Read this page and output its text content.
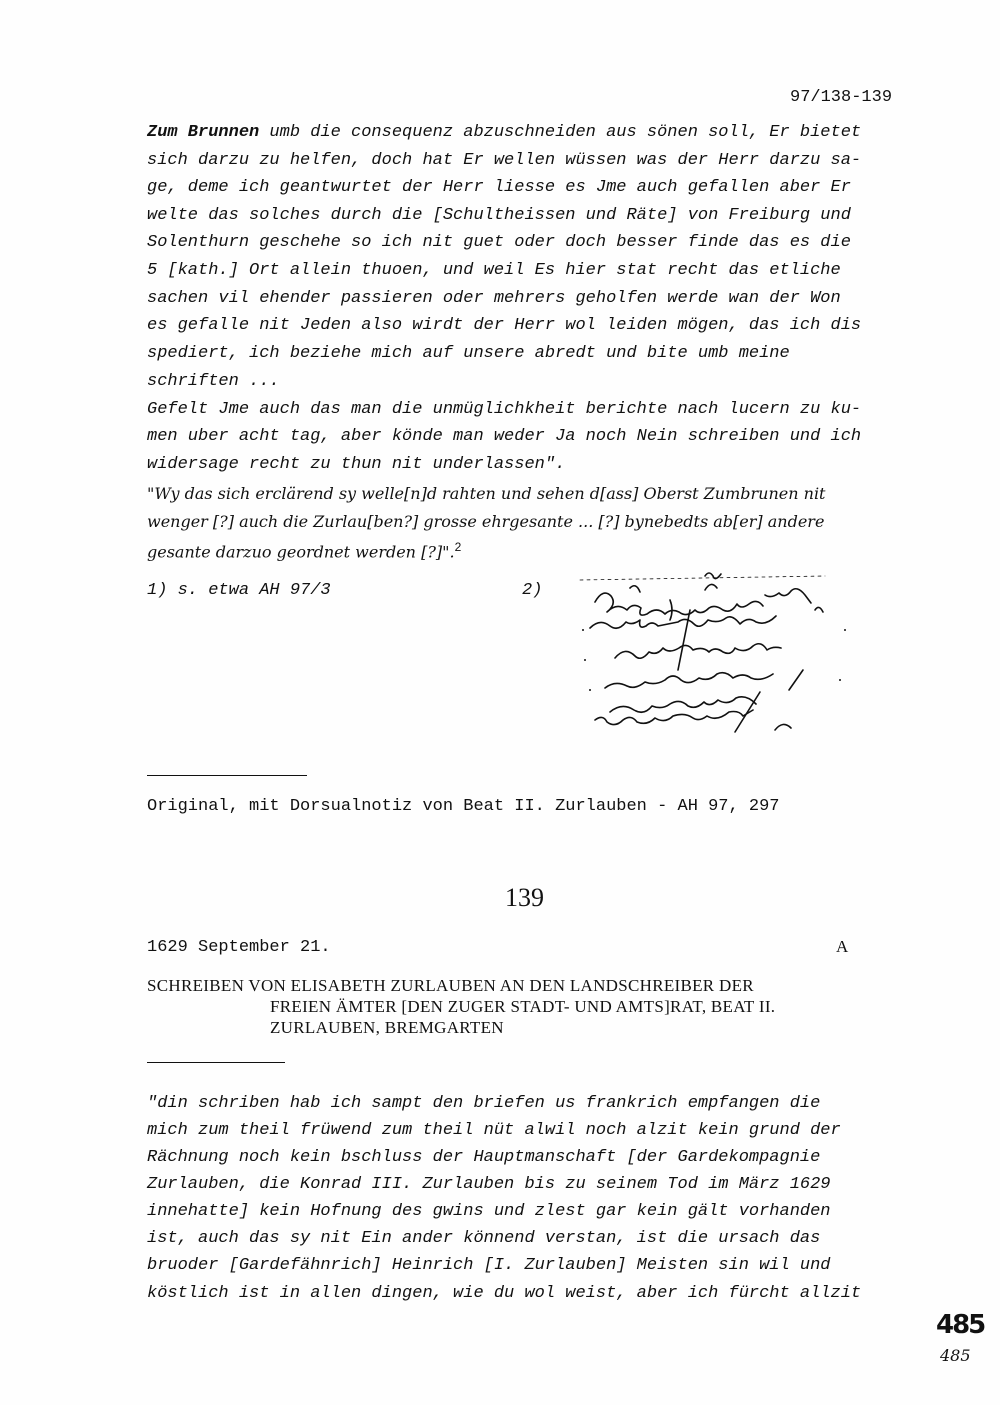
97/138-139
Zum Brunnen umb die consequenz abzuschneiden aus sönen soll, Er bietet
sich darzu zu helfen, doch hat Er wellen wüssen was der Herr darzu sa-
ge, deme ich geantwurtet der Herr liesse es Jme auch gefallen aber Er
welte das solches durch die [Schultheissen und Räte] von Freiburg und
Solenthurn geschehe so ich nit guet oder doch besser finde das es die
5 [kath.] Ort allein thuoen, und weil Es hier stat recht das etliche
sachen vil ehender passieren oder mehrers geholfen werde wan der Won
es gefalle nit Jeden also wirdt der Herr wol leiden mögen, das ich dis
spediert, ich beziehe mich auf unsere abredt und bite umb meine
schriften ...
Gefelt Jme auch das man die unmüglichkheit berichte nach lucern zu ku-
men uber acht tag, aber könde man weder Ja noch Nein schreiben und ich
widersage recht zu thun nit underlassen".
"Wy das sich erclärend sy welle[n]d rahten und sehen d[ass] Oberst Zumbrunen nit
wenger [?] auch die Zurlau[ben?] grosse ehrgesante ... [?] bynebedts ab[er] andere
gesante darzuo geordnet werden [?]".$^2$
1) s. etwa AH 97/3	2)
Original, mit Dorsualnotiz von Beat II. Zurlauben - AH 97, 297
139
1629 September 21.	A
SCHREIBEN VON ELISABETH ZURLAUBEN AN DEN LANDSCHREIBER DER
FREIEN ÄMTER [DEN ZUGER STADT- UND AMTS]RAT, BEAT II.
ZURLAUBEN, BREMGARTEN
"din schriben hab ich sampt den briefen us frankrich empfangen die
mich zum theil früwend zum theil nüt alwil noch alzit kein grund der
Rächnung noch kein bschluss der Hauptmanschaft [der Gardekompagnie
Zurlauben, die Konrad III. Zurlauben bis zu seinem Tod im März 1629
innehatte] kein Hofnung des gwins und zlest gar kein gält vorhanden
ist, auch das sy nit Ein ander könnend verstan, ist die ursach das
bruoder [Gardefähnrich] Heinrich [I. Zurlauben] Meisten sin wil und
köstlich ist in allen dingen, wie du wol weist, aber ich fürcht allzit
485
485
